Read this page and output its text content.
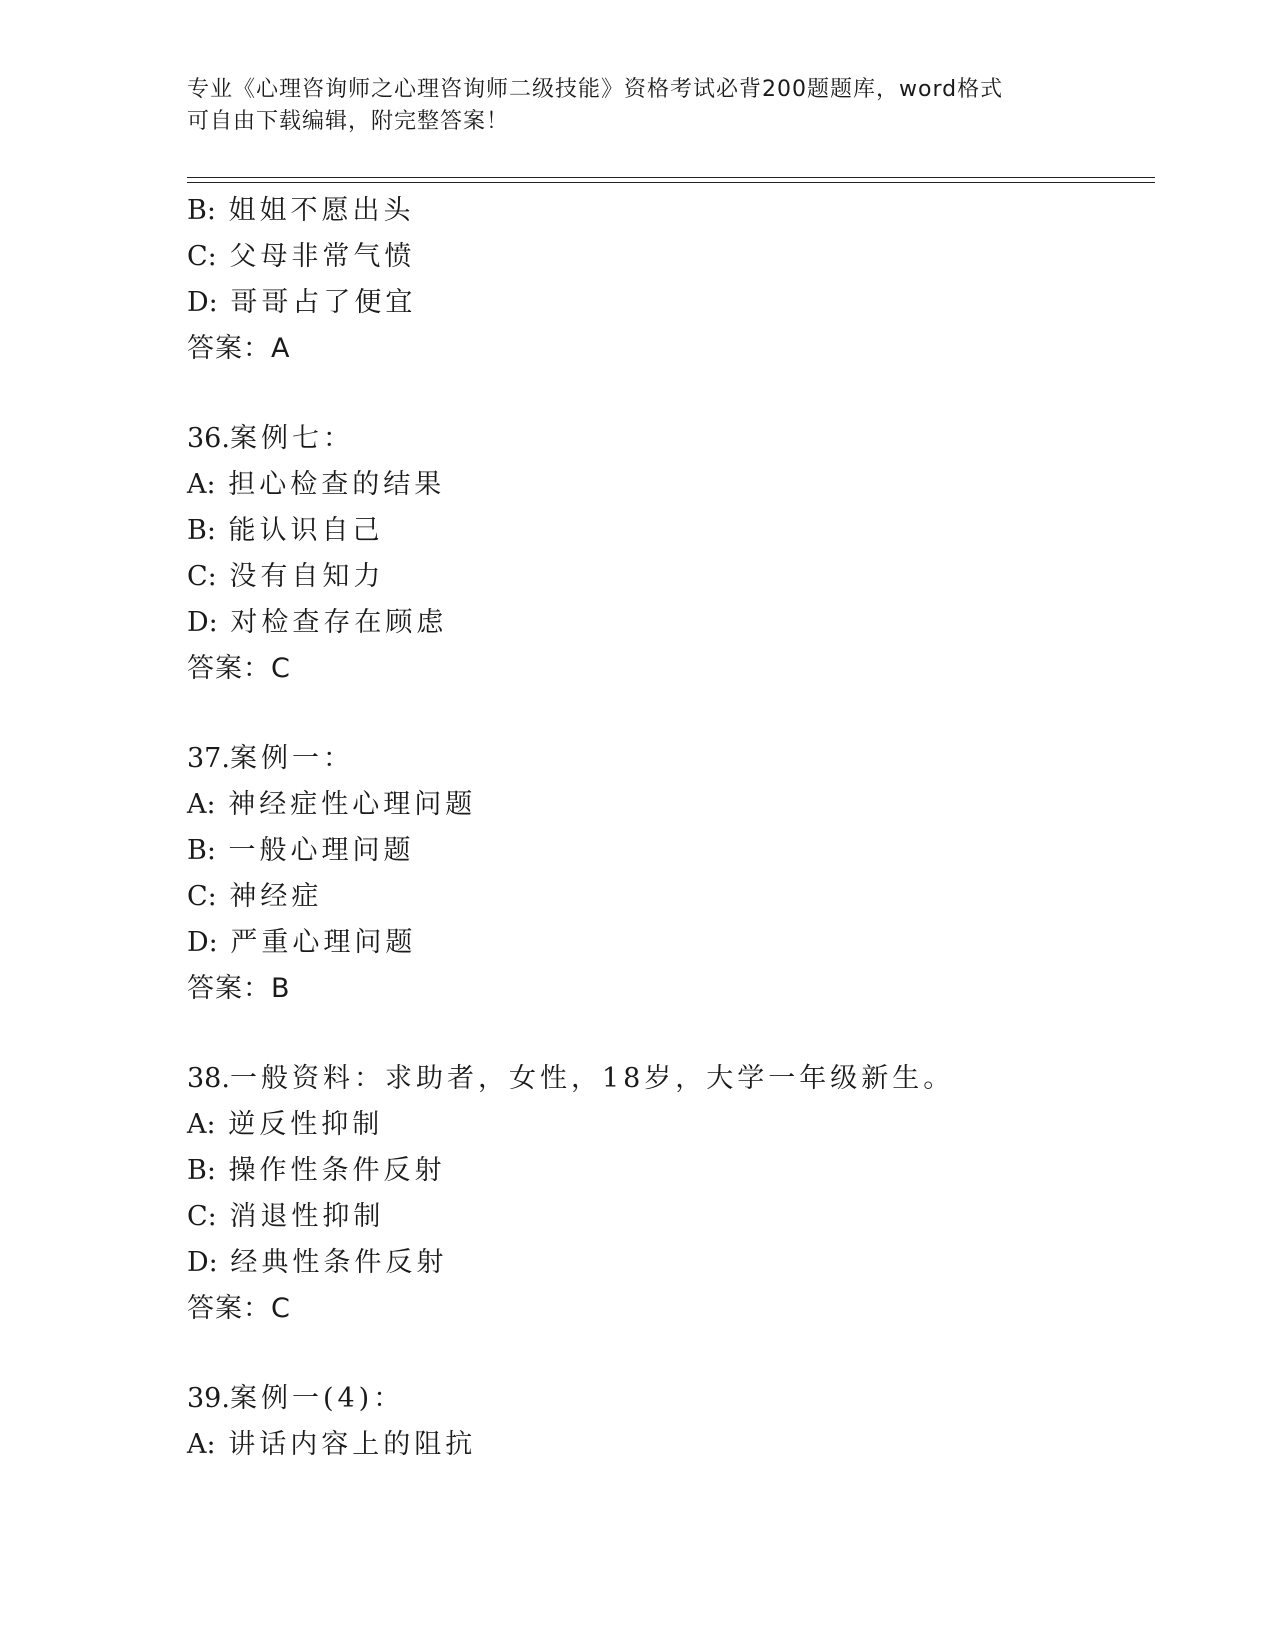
专业《心理咨询师之心理咨询师二级技能》资格考试必背200题题库，word格式
可自由下载编辑，附完整答案！
B: 姐姐不愿出头
C: 父母非常气愤
D: 哥哥占了便宜
答案：A
36.案例七：
A: 担心检查的结果
B: 能认识自己
C: 没有自知力
D: 对检查存在顾虑
答案：C
37.案例一：
A: 神经症性心理问题
B: 一般心理问题
C: 神经症
D: 严重心理问题
答案：B
38.一般资料：求助者，女性，18岁，大学一年级新生。
A: 逆反性抑制
B: 操作性条件反射
C: 消退性抑制
D: 经典性条件反射
答案：C
39.案例一(4)：
A: 讲话内容上的阻抗
